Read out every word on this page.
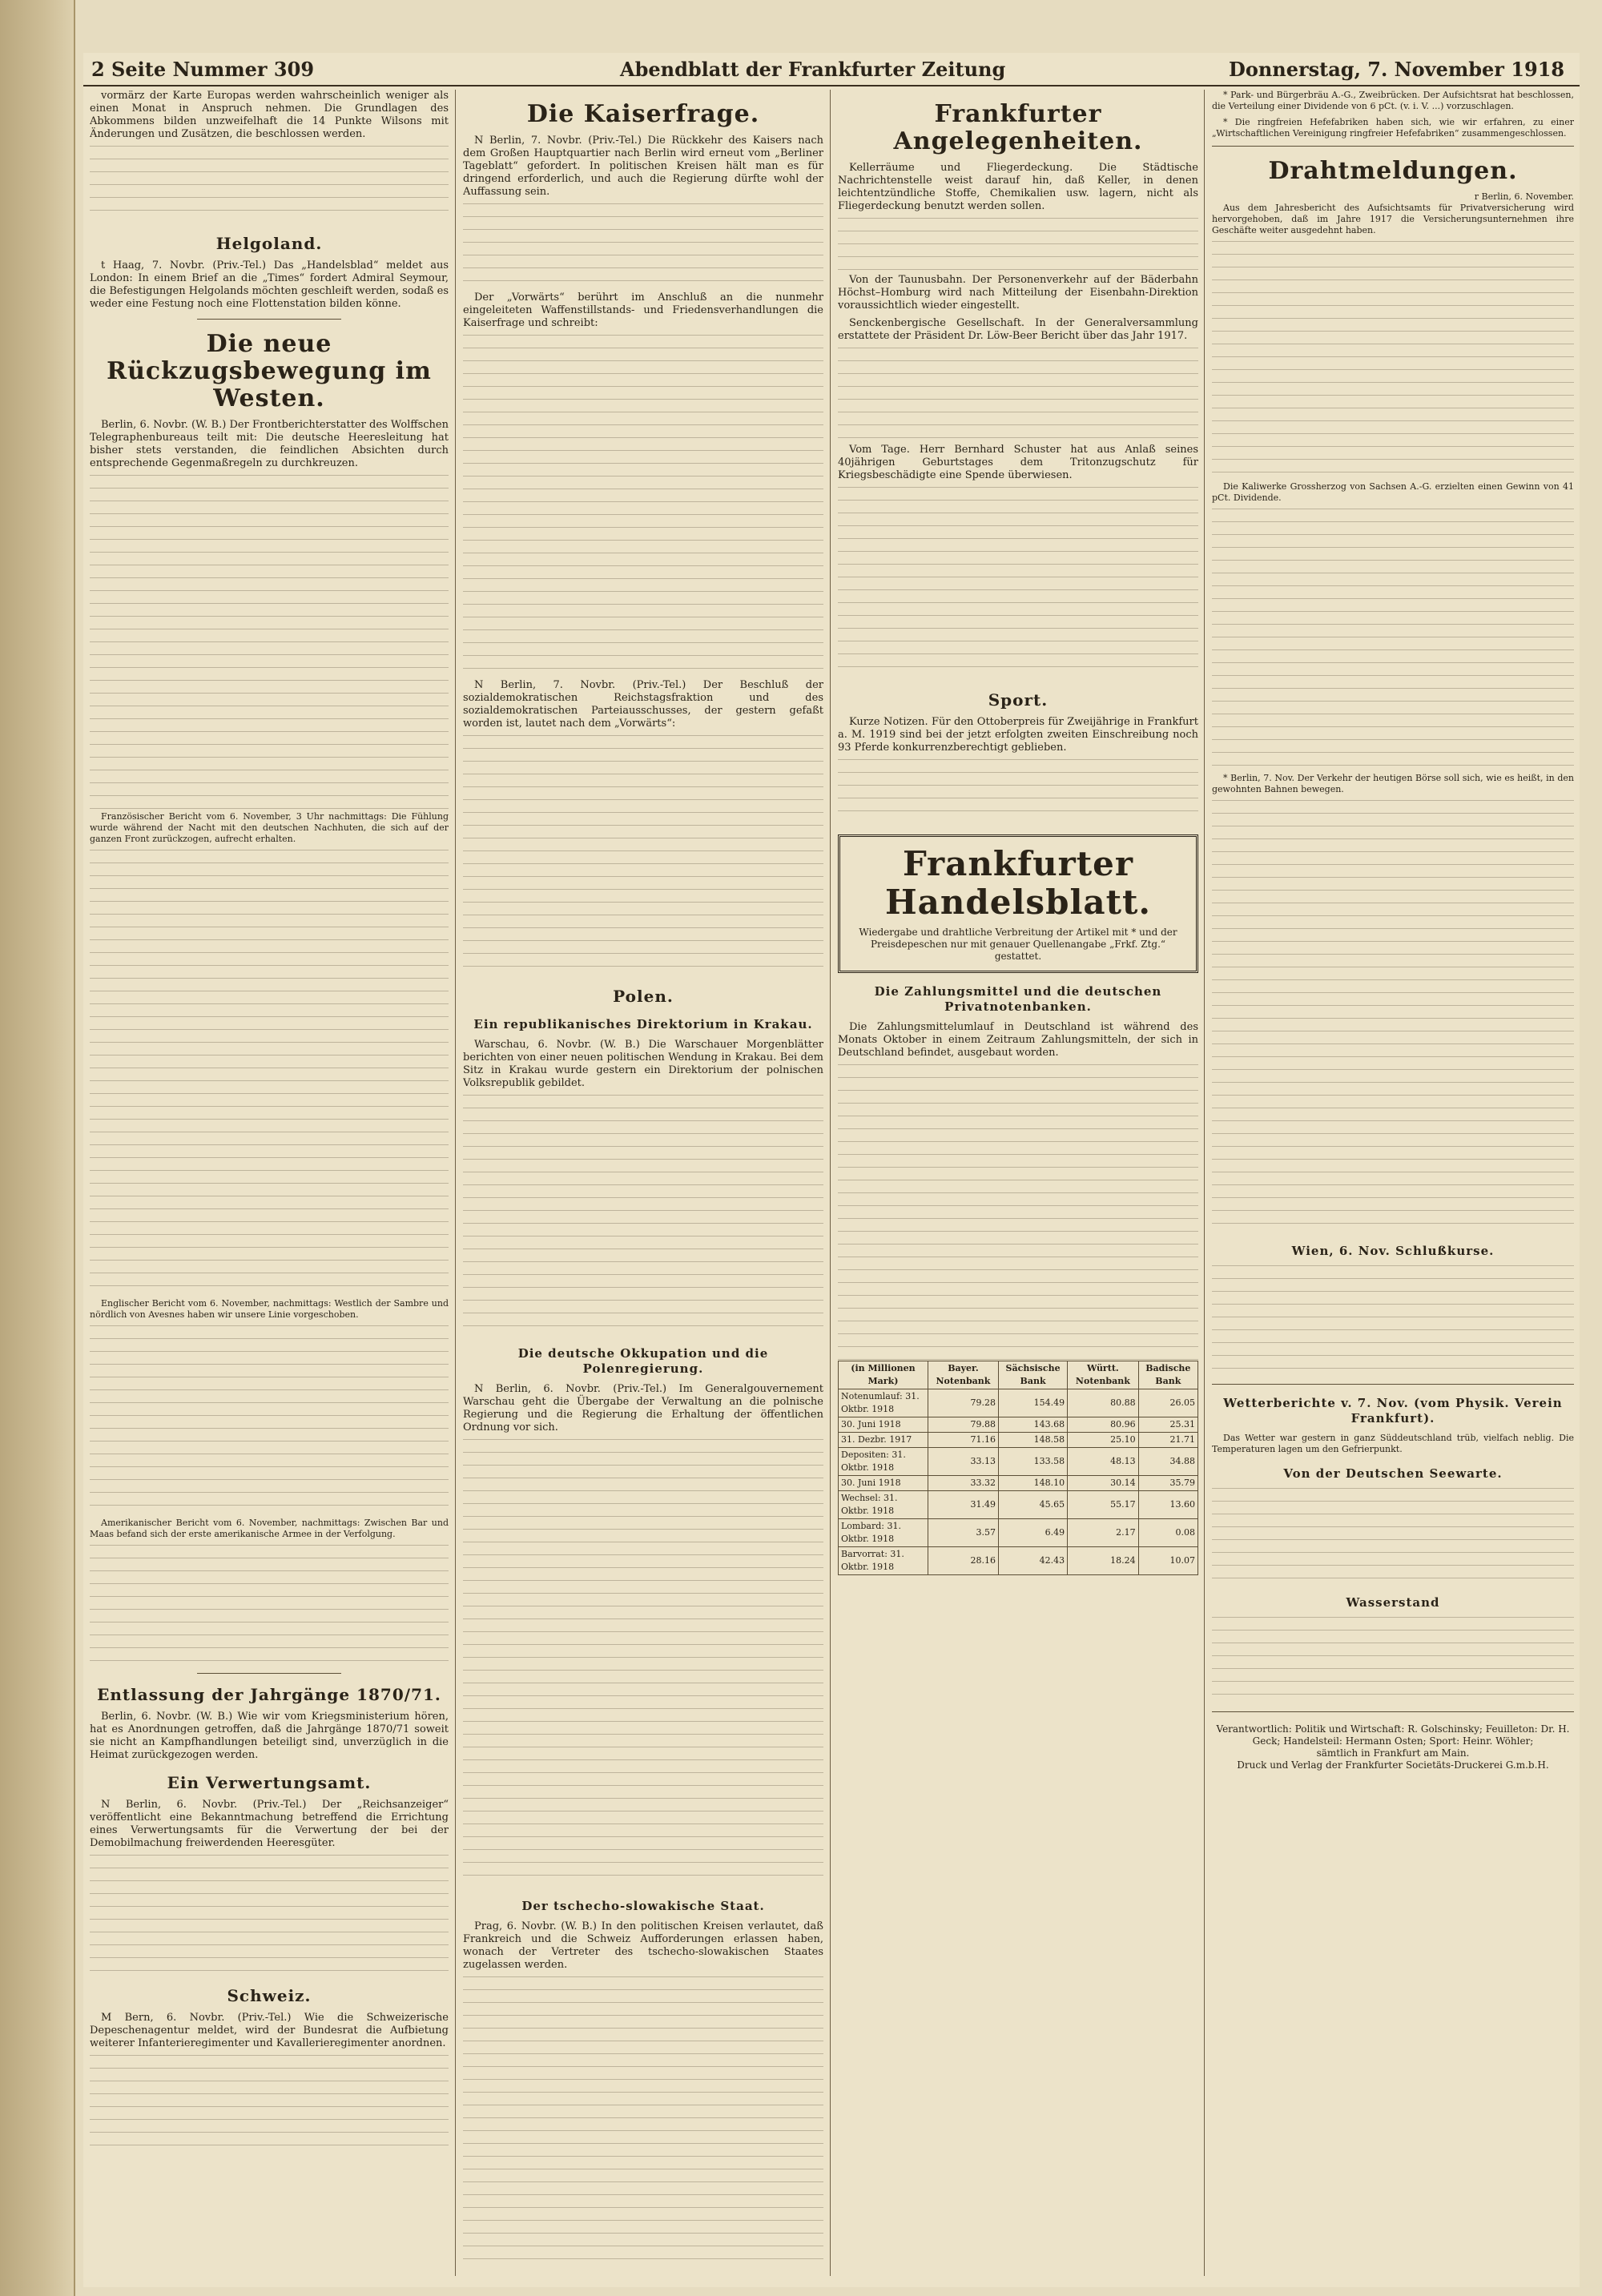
2 Seite Nummer 309	Abendblatt der Frankfurter Zeitung	Donnerstag, 7. November 1918

vormärz der Karte Europas werden wahrscheinlich weniger als einen Monat in Anspruch nehmen. Die Grundlagen des Abkommens bilden unzweifelhaft die 14 Punkte Wilsons mit Änderungen und Zusätzen, die beschlossen werden.

Helgoland.

t Haag, 7. Novbr. (Priv.-Tel.) Das „Handelsblad“ meldet aus London: In einem Brief an die „Times“ fordert Admiral Seymour, die Befestigungen Helgolands möchten geschleift werden, sodaß es weder eine Festung noch eine Flottenstation bilden könne.

Die neue Rückzugsbewegung im Westen.

Berlin, 6. Novbr. (W. B.) Der Frontberichterstatter des Wolffschen Telegraphenbureaus teilt mit: Die deutsche Heeresleitung hat bisher stets verstanden, die feindlichen Absichten durch entsprechende Gegenmaßregeln zu durchkreuzen.

Französischer Bericht vom 6. November, 3 Uhr nachmittags: Die Fühlung wurde während der Nacht mit den deutschen Nachhuten, die sich auf der ganzen Front zurückzogen, aufrecht erhalten.

Englischer Bericht vom 6. November, nachmittags: Westlich der Sambre und nördlich von Avesnes haben wir unsere Linie vorgeschoben.

Amerikanischer Bericht vom 6. November, nachmittags: Zwischen Bar und Maas befand sich der erste amerikanische Armee in der Verfolgung.

Entlassung der Jahrgänge 1870/71.

Berlin, 6. Novbr. (W. B.) Wie wir vom Kriegsministerium hören, hat es Anordnungen getroffen, daß die Jahrgänge 1870/71 soweit sie nicht an Kampfhandlungen beteiligt sind, unverzüglich in die Heimat zurückgezogen werden.

Ein Verwertungsamt.

N Berlin, 6. Novbr. (Priv.-Tel.) Der „Reichsanzeiger“ veröffentlicht eine Bekanntmachung betreffend die Errichtung eines Verwertungsamts für die Verwertung der bei der Demobilmachung freiwerdenden Heeresgüter.

Schweiz.

M Bern, 6. Novbr. (Priv.-Tel.) Wie die Schweizerische Depeschenagentur meldet, wird der Bundesrat die Aufbietung weiterer Infanterieregimenter und Kavallerieregimenter anordnen.

Die Kaiserfrage.

N Berlin, 7. Novbr. (Priv.-Tel.) Die Rückkehr des Kaisers nach dem Großen Hauptquartier nach Berlin wird erneut vom „Berliner Tageblatt“ gefordert. In politischen Kreisen hält man es für dringend erforderlich, und auch die Regierung dürfte wohl der Auffassung sein.

Der „Vorwärts“ berührt im Anschluß an die nunmehr eingeleiteten Waffenstillstands- und Friedensverhandlungen die Kaiserfrage und schreibt:

N Berlin, 7. Novbr. (Priv.-Tel.) Der Beschluß der sozialdemokratischen Reichstagsfraktion und des sozialdemokratischen Parteiausschusses, der gestern gefaßt worden ist, lautet nach dem „Vorwärts“:

Polen.
Ein republikanisches Direktorium in Krakau.

Warschau, 6. Novbr. (W. B.) Die Warschauer Morgenblätter berichten von einer neuen politischen Wendung in Krakau. Bei dem Sitz in Krakau wurde gestern ein Direktorium der polnischen Volksrepublik gebildet.

Die deutsche Okkupation und die Polenregierung.

N Berlin, 6. Novbr. (Priv.-Tel.) Im Generalgouvernement Warschau geht die Übergabe der Verwaltung an die polnische Regierung und die Regierung die Erhaltung der öffentlichen Ordnung vor sich.

Der tschecho-slowakische Staat.

Prag, 6. Novbr. (W. B.) In den politischen Kreisen verlautet, daß Frankreich und die Schweiz Aufforderungen erlassen haben, wonach der Vertreter des tschecho-slowakischen Staates zugelassen werden.

Frankfurter Angelegenheiten.

Kellerräume und Fliegerdeckung. Die Städtische Nachrichtenstelle weist darauf hin, daß Keller, in denen leichtentzündliche Stoffe, Chemikalien usw. lagern, nicht als Fliegerdeckung benutzt werden sollen.

Von der Taunusbahn. Der Personenverkehr auf der Bäderbahn Höchst–Homburg wird nach Mitteilung der Eisenbahn-Direktion voraussichtlich wieder eingestellt.

Senckenbergische Gesellschaft. In der Generalversammlung erstattete der Präsident Dr. Löw-Beer Bericht über das Jahr 1917.

Vom Tage. Herr Bernhard Schuster hat aus Anlaß seines 40jährigen Geburtstages dem Tritonzugschutz für Kriegsbeschädigte eine Spende überwiesen.

Sport.

Kurze Notizen. Für den Ottoberpreis für Zweijährige in Frankfurt a. M. 1919 sind bei der jetzt erfolgten zweiten Einschreibung noch 93 Pferde konkurrenzberechtigt geblieben.

Frankfurter Handelsblatt.
Wiedergabe und drahtliche Verbreitung der Artikel mit * und der Preisdepeschen nur mit genauer Quellenangabe „Frkf. Ztg.“ gestattet.
Die Zahlungsmittel und die deutschen Privatnotenbanken.

Die Zahlungsmittelumlauf in Deutschland ist während des Monats Oktober in einem Zeitraum Zahlungsmitteln, der sich in Deutschland befindet, ausgebaut worden.

(in Millionen Mark)	Bayer. Notenbank	Sächsische Bank	Württ. Notenbank	Badische Bank
Notenumlauf: 31. Oktbr. 1918	79.28	154.49	80.88	26.05
30. Juni 1918	79.88	143.68	80.96	25.31
31. Dezbr. 1917	71.16	148.58	25.10	21.71
Depositen: 31. Oktbr. 1918	33.13	133.58	48.13	34.88
30. Juni 1918	33.32	148.10	30.14	35.79
Wechsel: 31. Oktbr. 1918	31.49	45.65	55.17	13.60
Lombard: 31. Oktbr. 1918	3.57	6.49	2.17	0.08
Barvorrat: 31. Oktbr. 1918	28.16	42.43	18.24	10.07

* Park- und Bürgerbräu A.-G., Zweibrücken. Der Aufsichtsrat hat beschlossen, die Verteilung einer Dividende von 6 pCt. (v. i. V. ...) vorzuschlagen.

* Die ringfreien Hefefabriken haben sich, wie wir erfahren, zu einer „Wirtschaftlichen Vereinigung ringfreier Hefefabriken“ zusammengeschlossen.

Drahtmeldungen.
r Berlin, 6. November.

Aus dem Jahresbericht des Aufsichtsamts für Privatversicherung wird hervorgehoben, daß im Jahre 1917 die Versicherungsunternehmen ihre Geschäfte weiter ausgedehnt haben.

Die Kaliwerke Grossherzog von Sachsen A.-G. erzielten einen Gewinn von 41 pCt. Dividende.

* Berlin, 7. Nov. Der Verkehr der heutigen Börse soll sich, wie es heißt, in den gewohnten Bahnen bewegen.

Wien, 6. Nov. Schlußkurse.
Wetterberichte v. 7. Nov. (vom Physik. Verein Frankfurt).

Das Wetter war gestern in ganz Süddeutschland trüb, vielfach neblig. Die Temperaturen lagen um den Gefrierpunkt.

Von der Deutschen Seewarte.
Wasserstand
Verantwortlich: Politik und Wirtschaft: R. Golschinsky; Feuilleton: Dr. H. Geck; Handelsteil: Hermann Osten; Sport: Heinr. Wöhler;
sämtlich in Frankfurt am Main.
Druck und Verlag der Frankfurter Societäts-Druckerei G.m.b.H.
